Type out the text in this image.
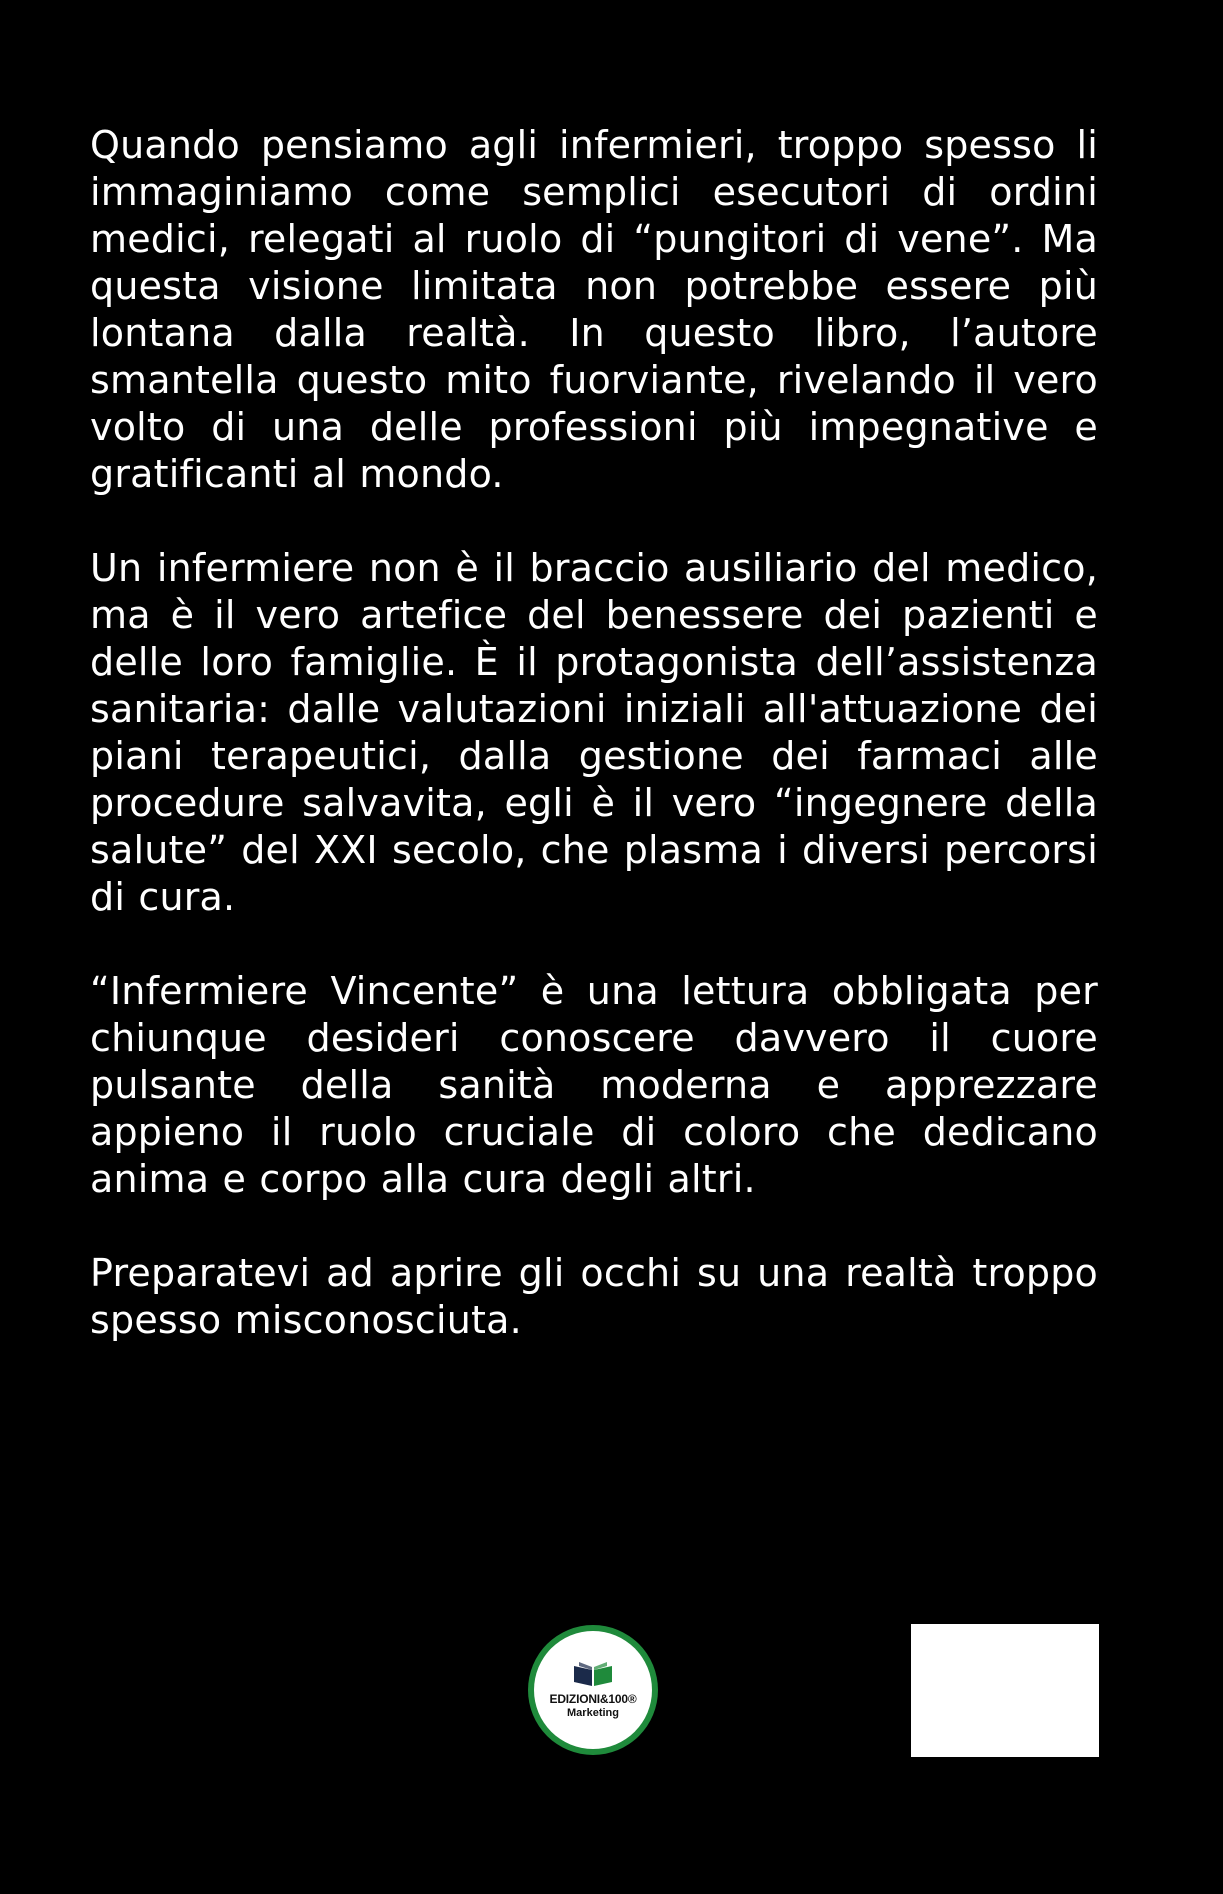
Quando pensiamo agli infermieri, troppo spesso li immaginiamo come semplici esecutori di ordini medici, relegati al ruolo di “pungitori di vene”. Ma questa visione limitata non potrebbe essere più lontana dalla realtà. In questo libro, l’autore smantella questo mito fuorviante, rivelando il vero volto di una delle professioni più impegnative e gratificanti al mondo.

Un infermiere non è il braccio ausiliario del medico, ma è il vero artefice del benessere dei pazienti e delle loro famiglie. È il protagonista dell’assistenza sanitaria: dalle valutazioni iniziali all'attuazione dei piani terapeutici, dalla gestione dei farmaci alle procedure salvavita, egli è il vero “ingegnere della salute” del XXI secolo, che plasma i diversi percorsi di cura.

“Infermiere Vincente” è una lettura obbligata per chiunque desideri conoscere davvero il cuore pulsante della sanità moderna e apprezzare appieno il ruolo cruciale di coloro che dedicano anima e corpo alla cura degli altri.

Preparatevi ad aprire gli occhi su una realtà troppo spesso misconosciuta.

EDIZIONI&100®
Marketing
